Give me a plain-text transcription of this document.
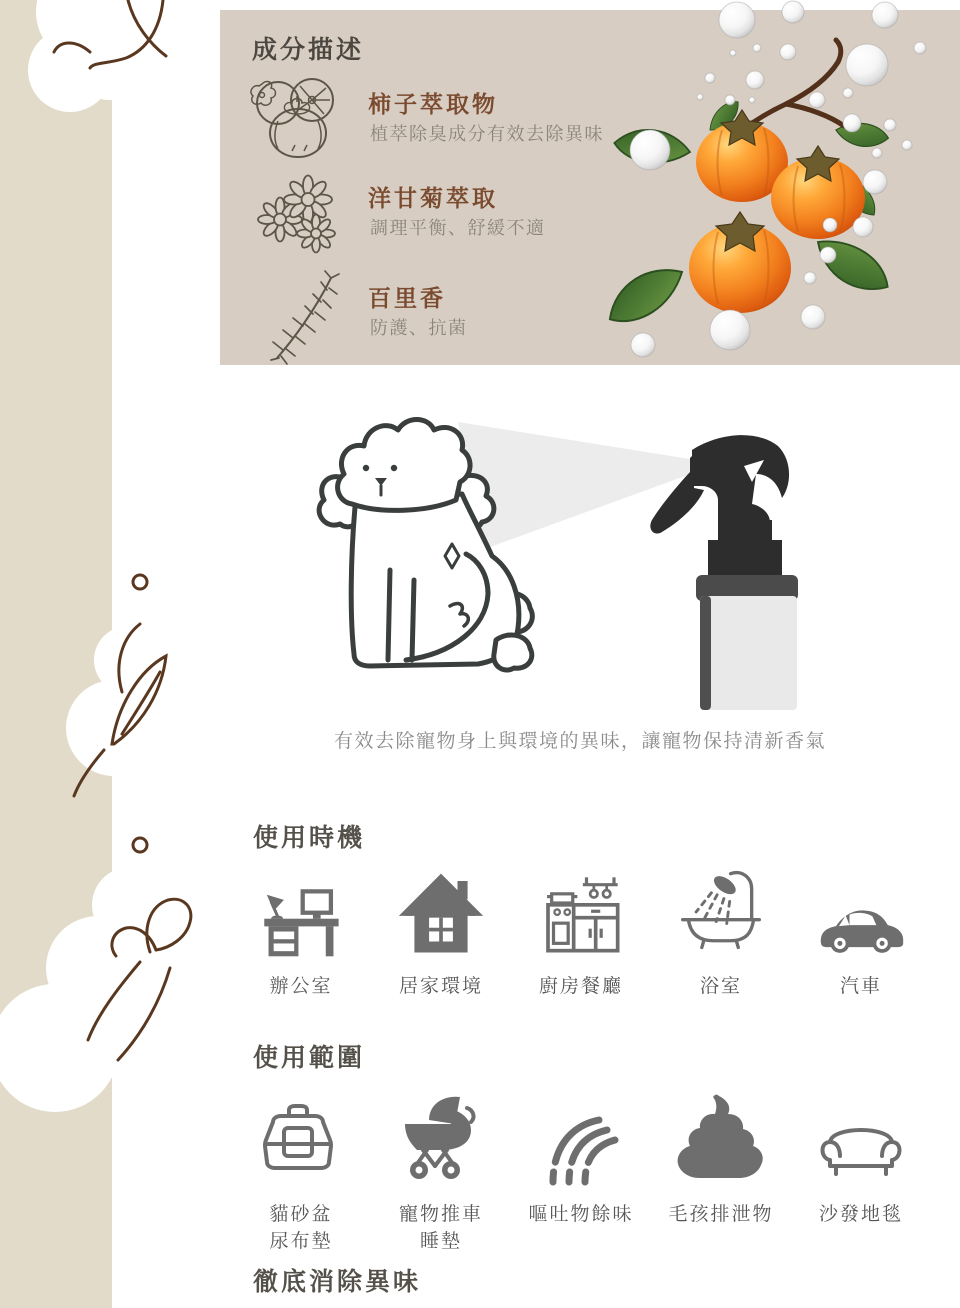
成分描述
柿子萃取物
植萃除臭成分有效去除異味
洋甘菊萃取
調理平衡、舒緩不適
百里香
防護、抗菌
有效去除寵物身上與環境的異味，讓寵物保持清新香氣
使用時機
辦公室	居家環境	廚房餐廳	浴室	汽車
使用範圍
貓砂盆
尿布墊
寵物推車
睡墊
嘔吐物餘味 毛孩排泄物 沙發地毯
徹底消除異味
